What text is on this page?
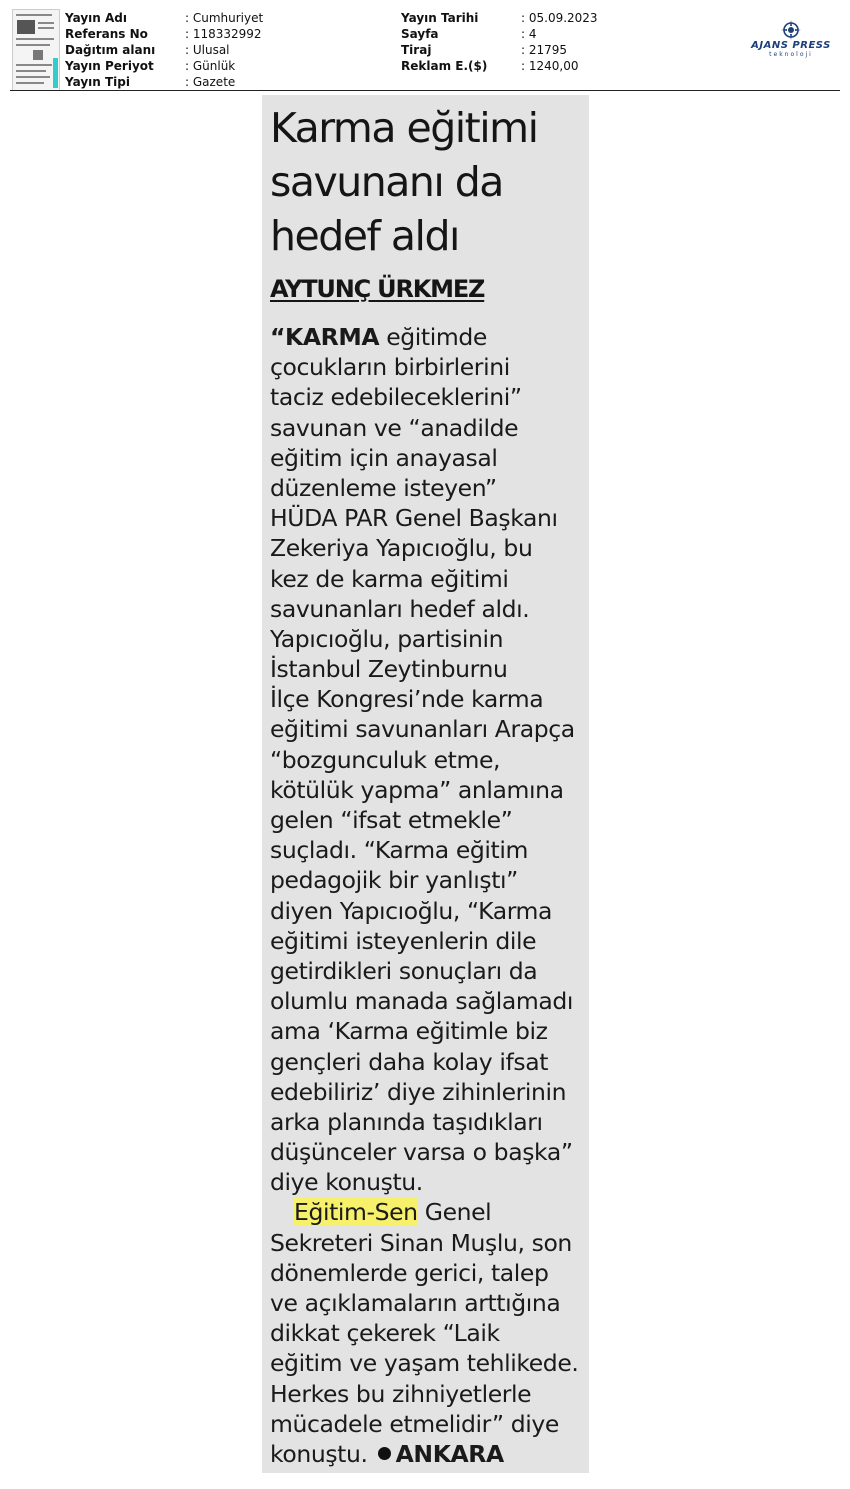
Yayın Adı	: Cumhuriyet
Referans No	: 118332992
Dağıtım alanı	: Ulusal
Yayın Periyot	: Günlük
Yayın Tipi	: Gazete
Yayın Tarihi	: 05.09.2023
Sayfa	: 4
Tiraj	: 21795
Reklam E.($)	: 1240,00
AJANS PRESS
teknoloji
Karma eğitimi savunanı da hedef aldı
AYTUNÇ ÜRKMEZ
“KARMA eğitimde
çocukların birbirlerini
taciz edebileceklerini”
savunan ve “anadilde
eğitim için anayasal
düzenleme isteyen”
HÜDA PAR Genel Başkanı
Zekeriya Yapıcıoğlu, bu
kez de karma eğitimi
savunanları hedef aldı.
Yapıcıoğlu, partisinin
İstanbul Zeytinburnu
İlçe Kongresi’nde karma
eğitimi savunanları Arapça
“bozgunculuk etme,
kötülük yapma” anlamına
gelen “ifsat etmekle”
suçladı. “Karma eğitim
pedagojik bir yanlıştı”
diyen Yapıcıoğlu, “Karma
eğitimi isteyenlerin dile
getirdikleri sonuçları da
olumlu manada sağlamadı
ama ‘Karma eğitimle biz
gençleri daha kolay ifsat
edebiliriz’ diye zihinlerinin
arka planında taşıdıkları
düşünceler varsa o başka”
diye konuştu.
Eğitim-Sen Genel
Sekreteri Sinan Muşlu, son
dönemlerde gerici, talep
ve açıklamaların arttığına
dikkat çekerek “Laik
eğitim ve yaşam tehlikede.
Herkes bu zihniyetlerle
mücadele etmelidir” diye
konuştu. ANKARA
